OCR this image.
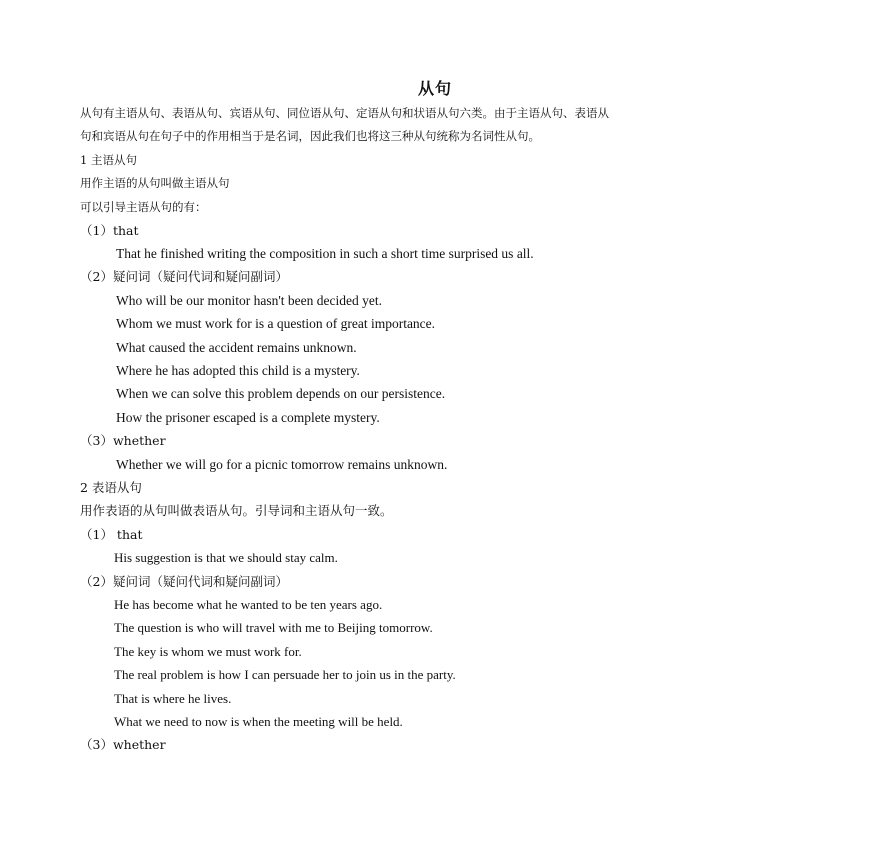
从句
从句有主语从句、表语从句、宾语从句、同位语从句、定语从句和状语从句六类。由于主语从句、表语从
句和宾语从句在句子中的作用相当于是名词，因此我们也将这三种从句统称为名词性从句。
1 主语从句
用作主语的从句叫做主语从句
可以引导主语从句的有：
（1）that
That he finished writing the composition in such a short time surprised us all.
（2）疑问词（疑问代词和疑问副词）
Who will be our monitor hasn't been decided yet.
Whom we must work for is a question of great importance.
What caused the accident remains unknown.
Where he has adopted this child is a mystery.
When we can solve this problem depends on our persistence.
How the prisoner escaped is a complete mystery.
（3）whether
Whether we will go for a picnic tomorrow remains unknown.
2 表语从句
用作表语的从句叫做表语从句。引导词和主语从句一致。
（1） that
His suggestion is that we should stay calm.
（2）疑问词（疑问代词和疑问副词）
He has become what he wanted to be ten years ago.
The question is who will travel with me to Beijing tomorrow.
The key is whom we must work for.
The real problem is how I can persuade her to join us in the party.
That is where he lives.
What we need to now is when the meeting will be held.
（3）whether
